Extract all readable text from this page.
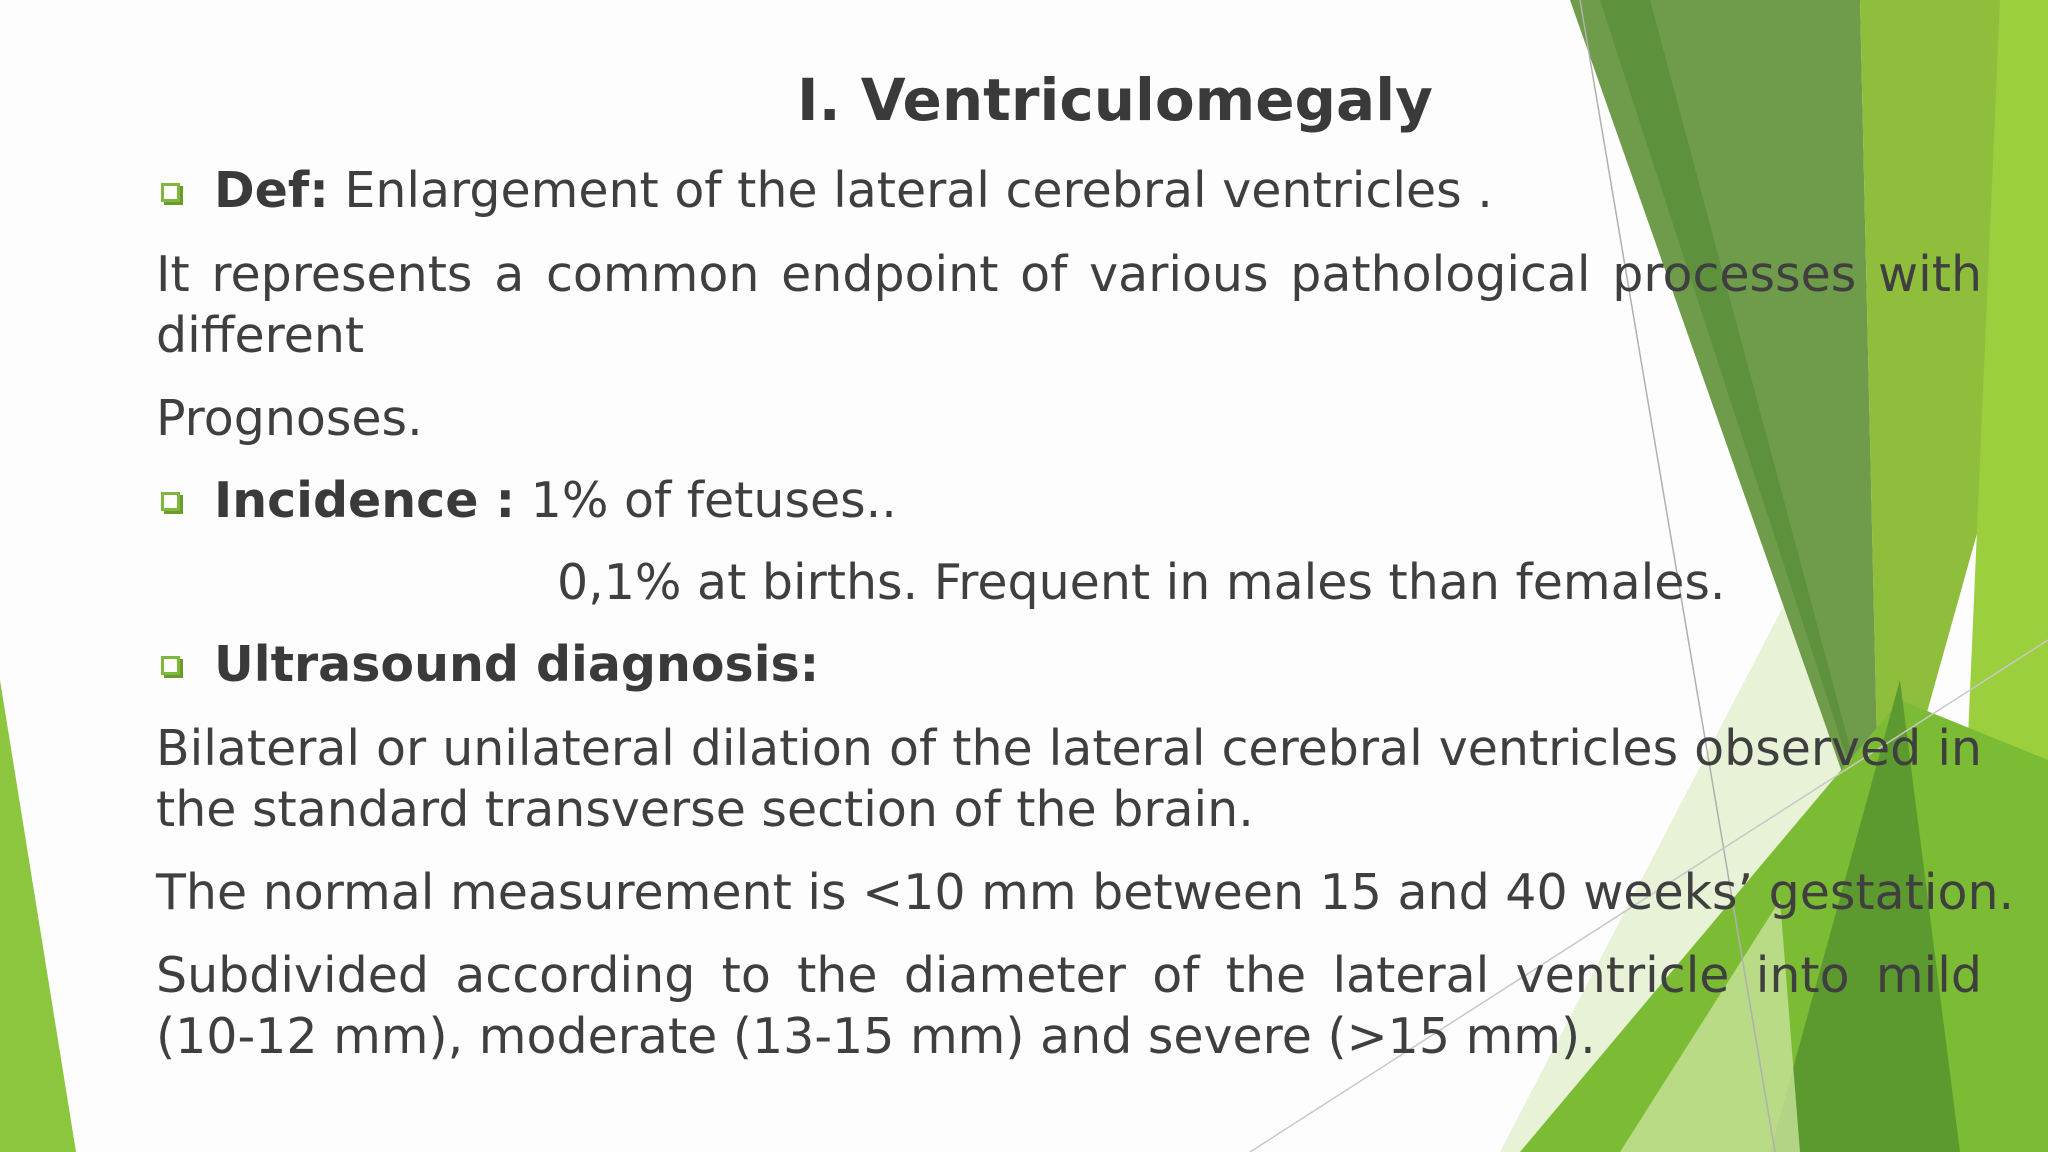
I. Ventriculomegaly

Def: Enlargement of the lateral cerebral ventricles .

It represents a common endpoint of various pathological processes with different

Prognoses.

Incidence : 1% of fetuses..

0,1% at births. Frequent in males than females.

Ultrasound diagnosis:

Bilateral or unilateral dilation of the lateral cerebral ventricles observed in the standard transverse section of the brain.

The normal measurement is <10 mm between 15 and 40 weeks’ gestation.

Subdivided according to the diameter of the lateral ventricle into mild (10-12 mm), moderate (13-15 mm) and severe (>15 mm).
